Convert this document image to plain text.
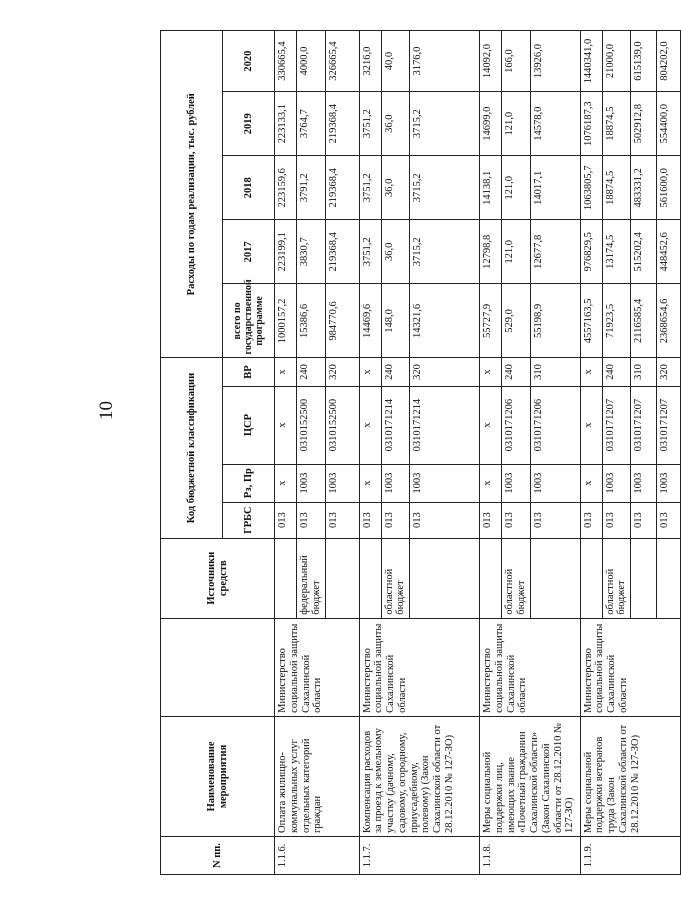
10
N пп.	Наименование мероприятия		Источники средств	Код бюджетной классификации				Расходы по годам реализации, тыс. рублей				
				ГРБС	Рз, Пр	ЦСР	ВР	всего по государственной программе	2017	2018	2019	2020
1.1.6.	Оплата жилищно-коммунальных услуг отдельных категорий граждан	Министерство социальной защиты Сахалинской области		013	х	х	х	1000157,2	223199,1	223159,6	223133,1	330665,4
			федеральный бюджет	013	1003	0310152500	240	15386,6	3830,7	3791,2	3764,7	4000,0
				013	1003	0310152500	320	984770,6	219368,4	219368,4	219368,4	326665,4
1.1.7.	Компенсация расходов за проезд к земельному участку (дачному, садовому, огородному, приусадебному, полевому) (Закон Сахалинской области от 28.12.2010 № 127-ЗО)	Министерство социальной защиты Сахалинской области		013	х	х	х	14469,6	3751,2	3751,2	3751,2	3216,0
			областной бюджет	013	1003	0310171214	240	148,0	36,0	36,0	36,0	40,0
				013	1003	0310171214	320	14321,6	3715,2	3715,2	3715,2	3176,0
1.1.8.	Меры социальной поддержки лиц, имеющих звание «Почетный гражданин Сахалинской области» (Закон Сахалинской области от 28.12.2010 № 127-ЗО)	Министерство социальной защиты Сахалинской области		013	х	х	х	55727,9	12798,8	14138,1	14699,0	14092,0
			областной бюджет	013	1003	0310171206	240	529,0	121,0	121,0	121,0	166,0
				013	1003	0310171206	310	55198,9	12677,8	14017,1	14578,0	13926,0
1.1.9.	Меры социальной поддержки ветеранов труда (Закон Сахалинской области от 28.12.2010 № 127-ЗО)	Министерство социальной защиты Сахалинской области		013	х	х	х	4557163,5	976829,5	1063805,7	1076187,3	1440341,0
			областной бюджет	013	1003	0310171207	240	71923,5	13174,5	18874,5	18874,5	21000,0
				013	1003	0310171207	310	2116585,4	515202,4	483331,2	502912,8	615139,0
				013	1003	0310171207	320	2368654,6	448452,6	561600,0	554400,0	804202,0
